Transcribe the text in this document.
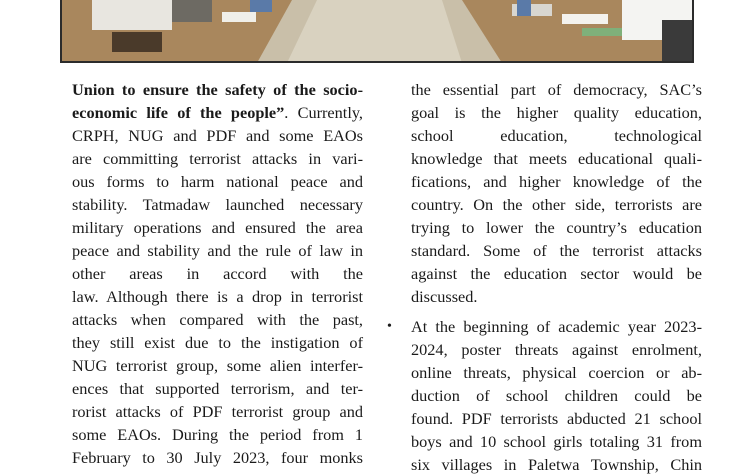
Union to ensure the safety of the socio-
economic life of the people”. Currently,
CRPH, NUG and PDF and some EAOs
are committing terrorist attacks in vari-
ous forms to harm national peace and
stability. Tatmadaw launched necessary
military operations and ensured the area
peace and stability and the rule of law in
other areas in accord with the
law. Although there is a drop in terrorist
attacks when compared with the past,
they still exist due to the instigation of
NUG terrorist group, some alien interfer-
ences that supported terrorism, and ter-
rorist attacks of PDF terrorist group and
some EAOs. During the period from 1
February to 30 July 2023, four monks
the essential part of democracy, SAC’s
goal is the higher quality education,
school education, technological
knowledge that meets educational quali-
fications, and higher knowledge of the
country. On the other side, terrorists are
trying to lower the country’s education
standard. Some of the terrorist attacks
against the education sector would be
discussed.
• At the beginning of academic year 2023-
2024, poster threats against enrolment,
online threats, physical coercion or ab-
duction of school children could be
found. PDF terrorists abducted 21 school
boys and 10 school girls totaling 31 from
six villages in Paletwa Township, Chin
